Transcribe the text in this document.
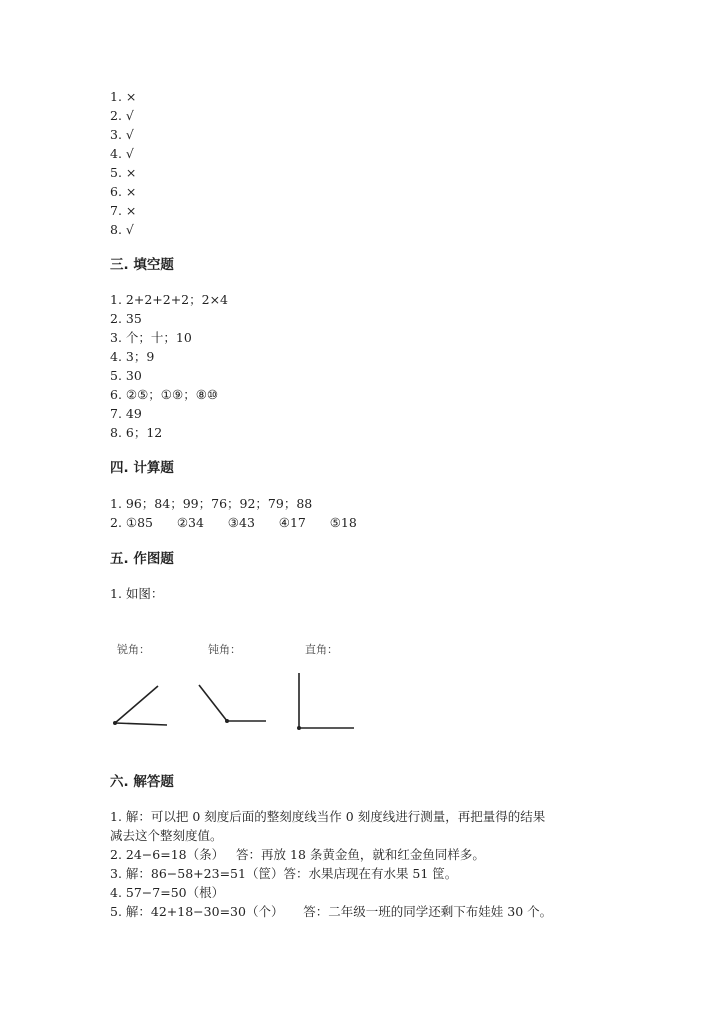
1. ×
2. √
3. √
4. √
5. ×
6. ×
7. ×
8. √
三. 填空题
1. 2+2+2+2；2×4
2. 35
3. 个；十；10
4. 3；9
5. 30
6. ②⑤；①⑨；⑧⑩
7. 49
8. 6；12
四. 计算题
1. 96；84；99；76；92；79；88
2. ①85      ②34      ③43      ④17      ⑤18
五. 作图题
1. 如图：
锐角：	钝角：	直角：
六. 解答题
1. 解：可以把 0 刻度后面的整刻度线当作 0 刻度线进行测量，再把量得的结果
减去这个整刻度值。
2. 24−6=18（条）   答：再放 18 条黄金鱼，就和红金鱼同样多。
3. 解：86−58+23=51（筐）答：水果店现在有水果 51 筐。
4. 57−7=50（根）
5. 解：42+18−30=30（个）     答：二年级一班的同学还剩下布娃娃 30 个。
